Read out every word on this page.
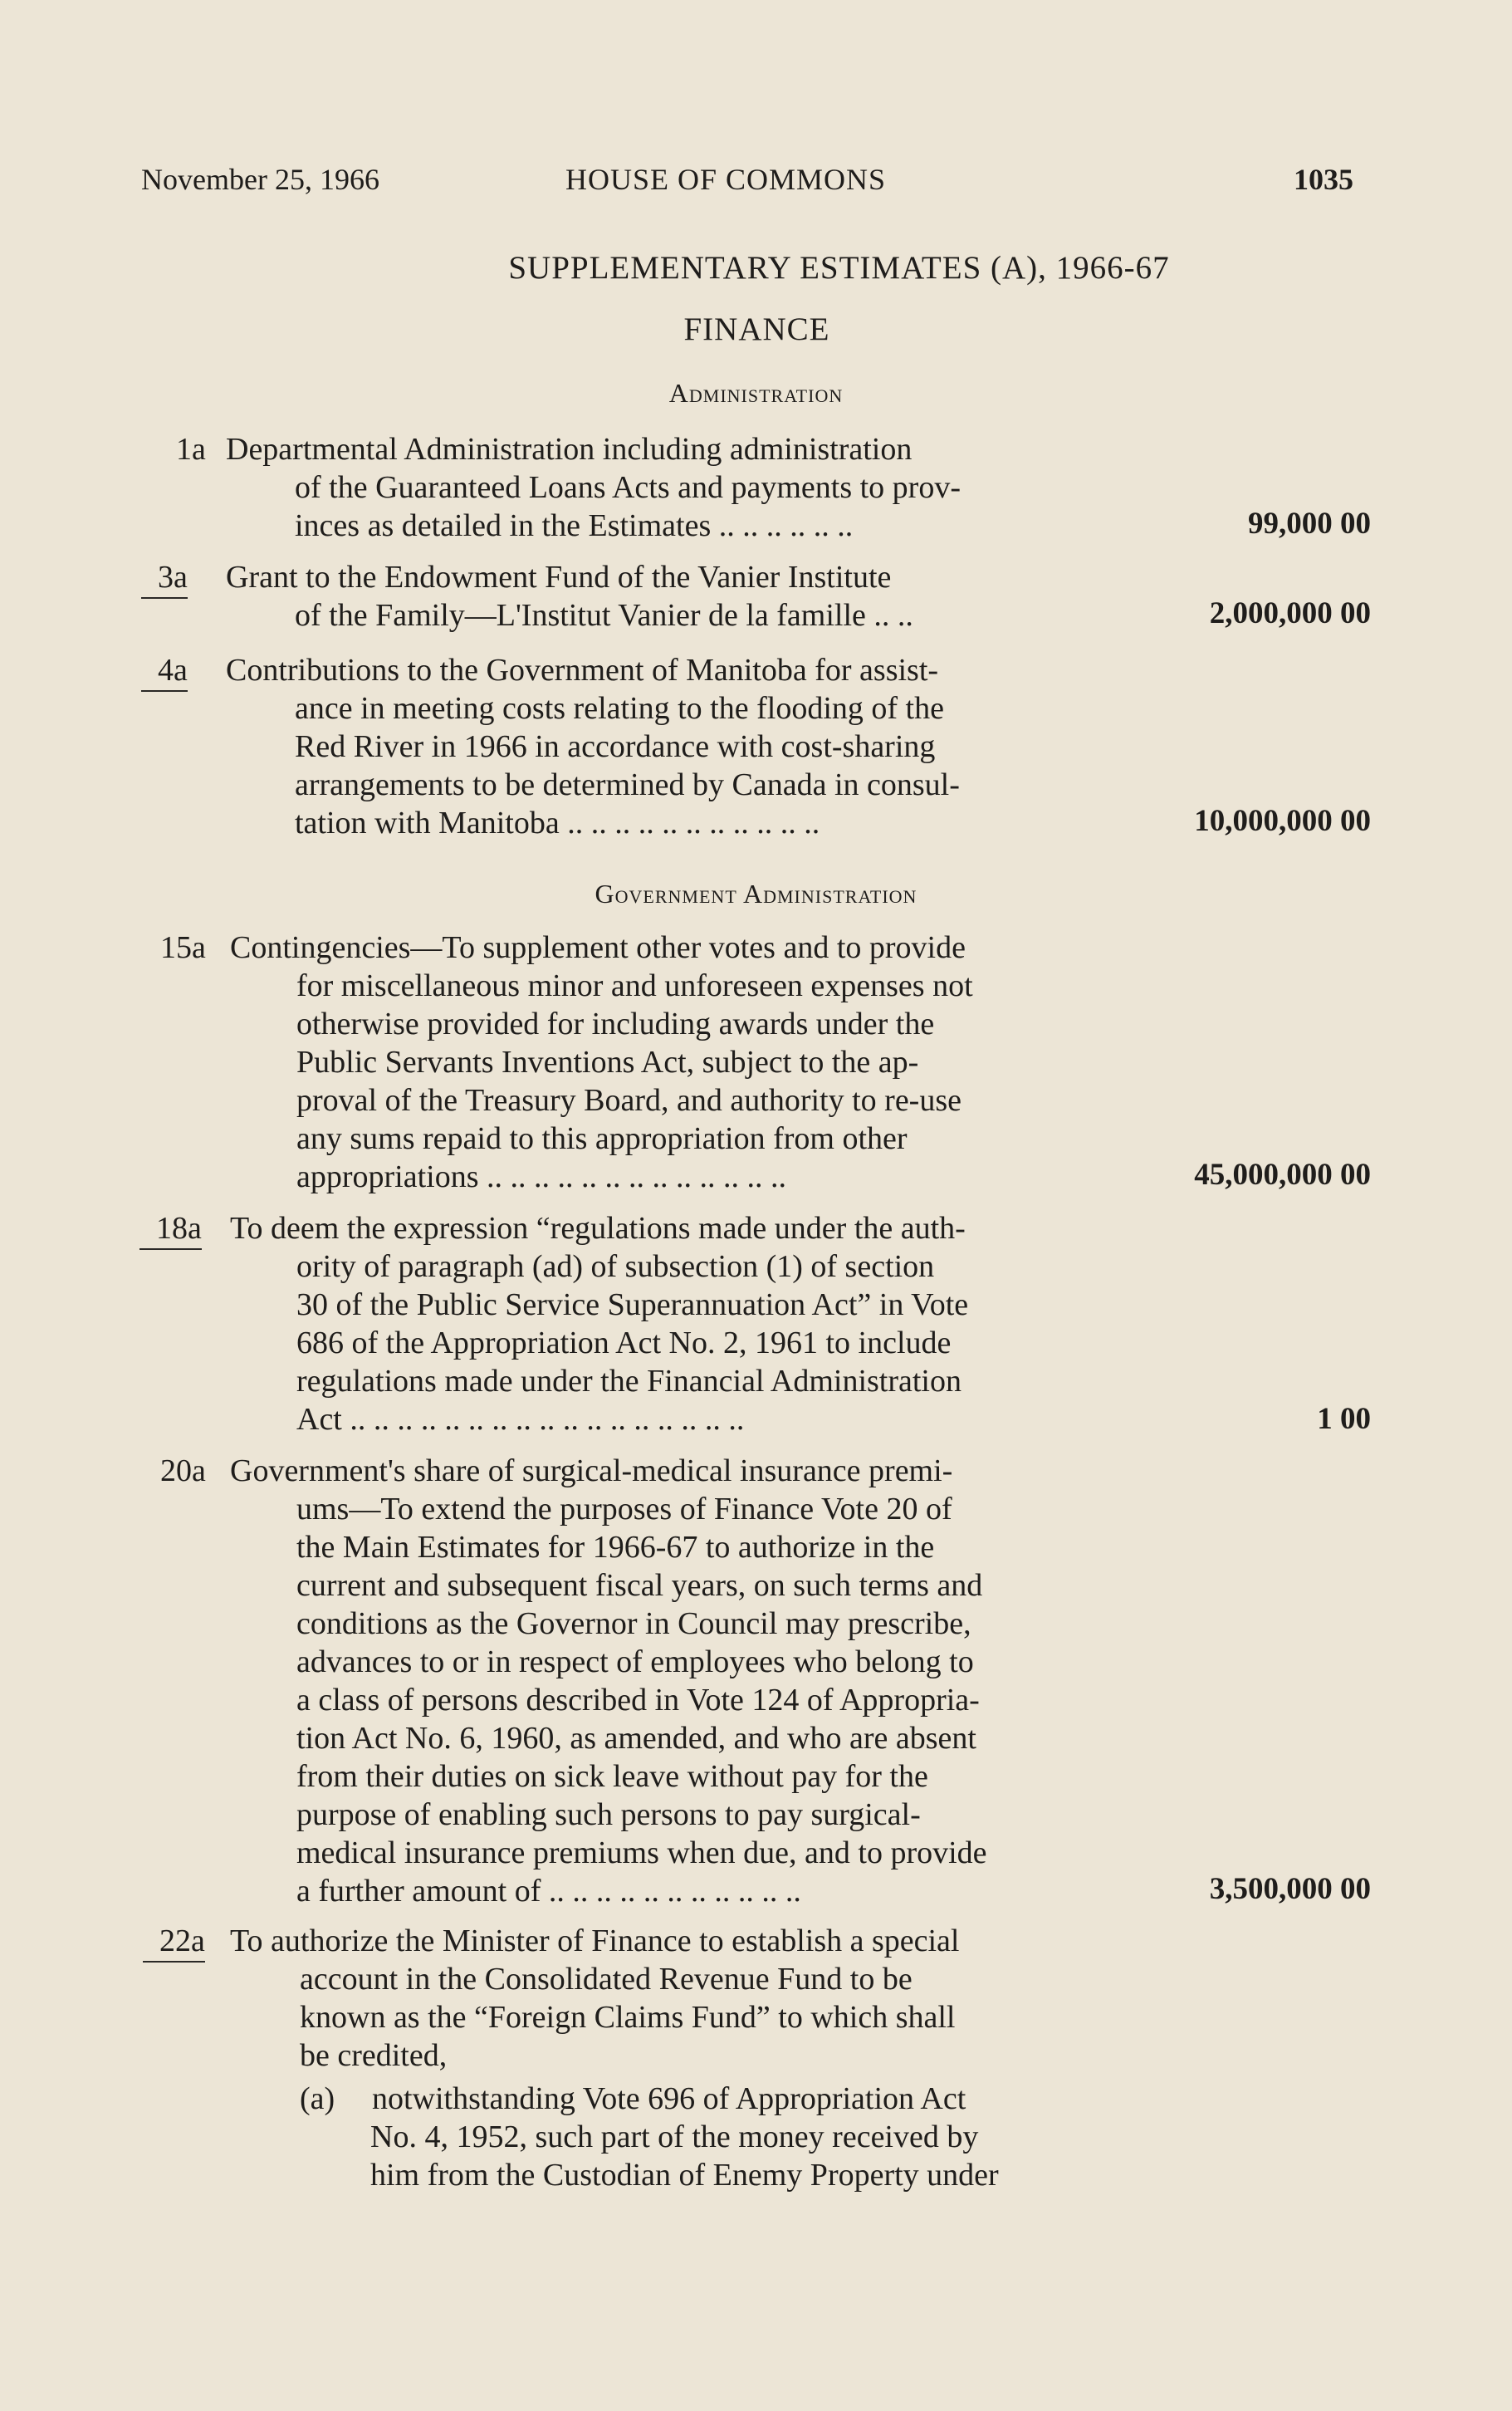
November 25, 1966	HOUSE OF COMMONS	1035
SUPPLEMENTARY ESTIMATES (A), 1966-67
FINANCE
Administration
1a Departmental Administration including administration
of the Guaranteed Loans Acts and payments to prov-
inces as detailed in the Estimates .. .. .. .. .. ..	99,000 00
3a Grant to the Endowment Fund of the Vanier Institute
of the Family—L'Institut Vanier de la famille .. ..	2,000,000 00
4a Contributions to the Government of Manitoba for assist-
ance in meeting costs relating to the flooding of the
Red River in 1966 in accordance with cost-sharing
arrangements to be determined by Canada in consul-
tation with Manitoba .. .. .. .. .. .. .. .. .. .. ..	10,000,000 00
Government Administration
15a Contingencies—To supplement other votes and to provide
for miscellaneous minor and unforeseen expenses not
otherwise provided for including awards under the
Public Servants Inventions Act, subject to the ap-
proval of the Treasury Board, and authority to re-use
any sums repaid to this appropriation from other
appropriations .. .. .. .. .. .. .. .. .. .. .. .. ..	45,000,000 00
18a To deem the expression “regulations made under the auth-
ority of paragraph (ad) of subsection (1) of section
30 of the Public Service Superannuation Act” in Vote
686 of the Appropriation Act No. 2, 1961 to include
regulations made under the Financial Administration
Act .. .. .. .. .. .. .. .. .. .. .. .. .. .. .. .. ..	1 00
20a Government's share of surgical-medical insurance premi-
ums—To extend the purposes of Finance Vote 20 of
the Main Estimates for 1966-67 to authorize in the
current and subsequent fiscal years, on such terms and
conditions as the Governor in Council may prescribe,
advances to or in respect of employees who belong to
a class of persons described in Vote 124 of Appropria-
tion Act No. 6, 1960, as amended, and who are absent
from their duties on sick leave without pay for the
purpose of enabling such persons to pay surgical-
medical insurance premiums when due, and to provide
a further amount of .. .. .. .. .. .. .. .. .. .. ..	3,500,000 00
22a To authorize the Minister of Finance to establish a special
account in the Consolidated Revenue Fund to be
known as the “Foreign Claims Fund” to which shall
be credited,
(a) notwithstanding Vote 696 of Appropriation Act
No. 4, 1952, such part of the money received by
him from the Custodian of Enemy Property under
